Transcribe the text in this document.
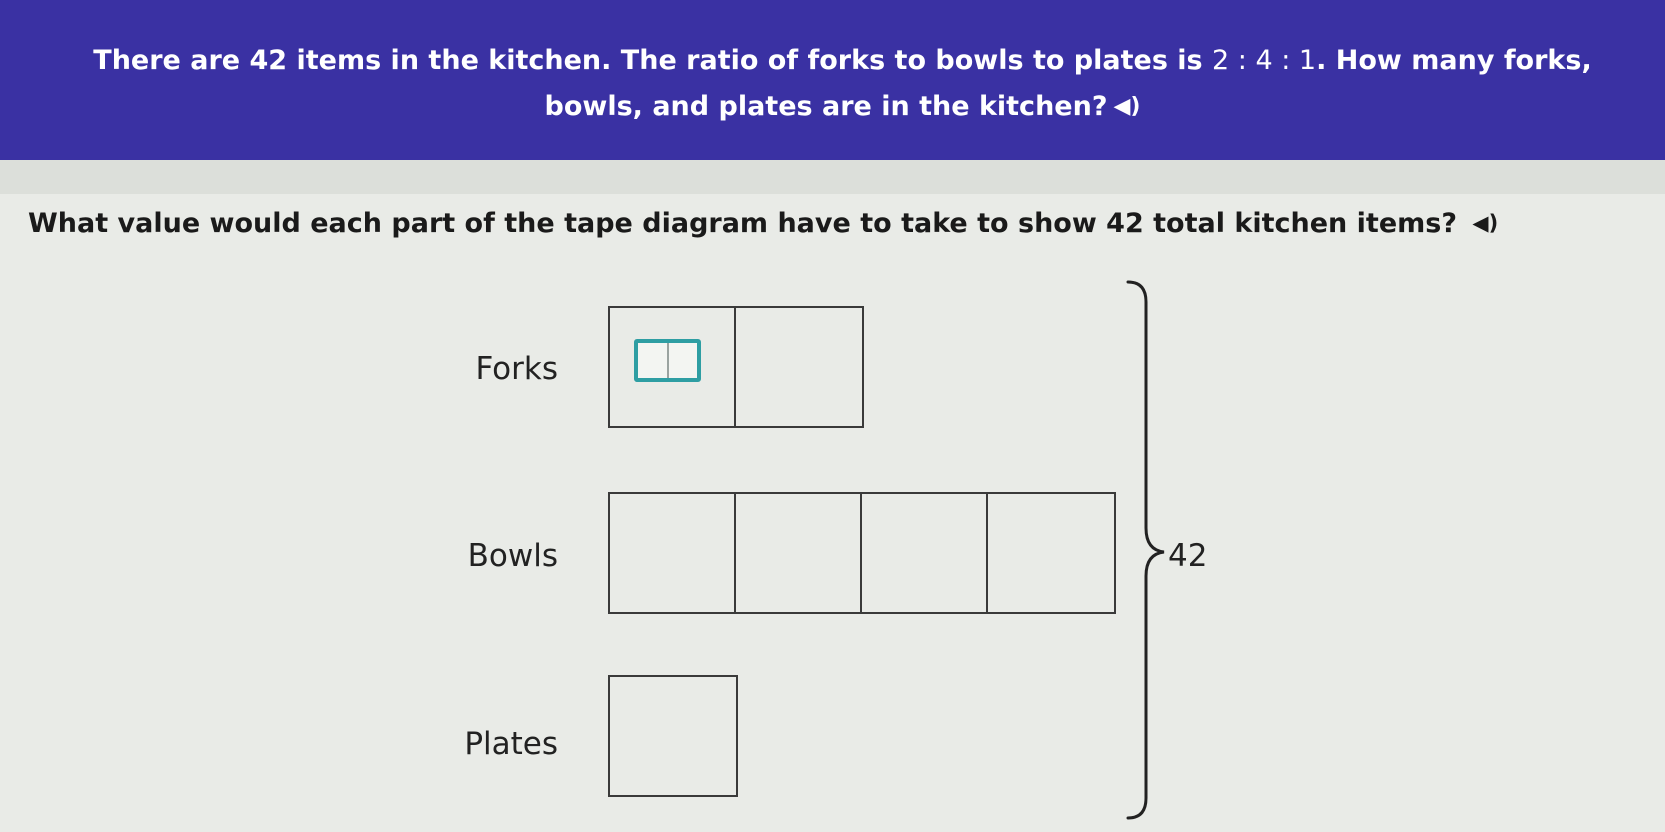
There are 42 items in the kitchen. The ratio of forks to bowls to plates is 2 : 4 : 1. How many forks, bowls, and plates are in the kitchen? ◀)
What value would each part of the tape diagram have to take to show 42 total kitchen items? ◀)
Forks
Bowls
Plates
42
